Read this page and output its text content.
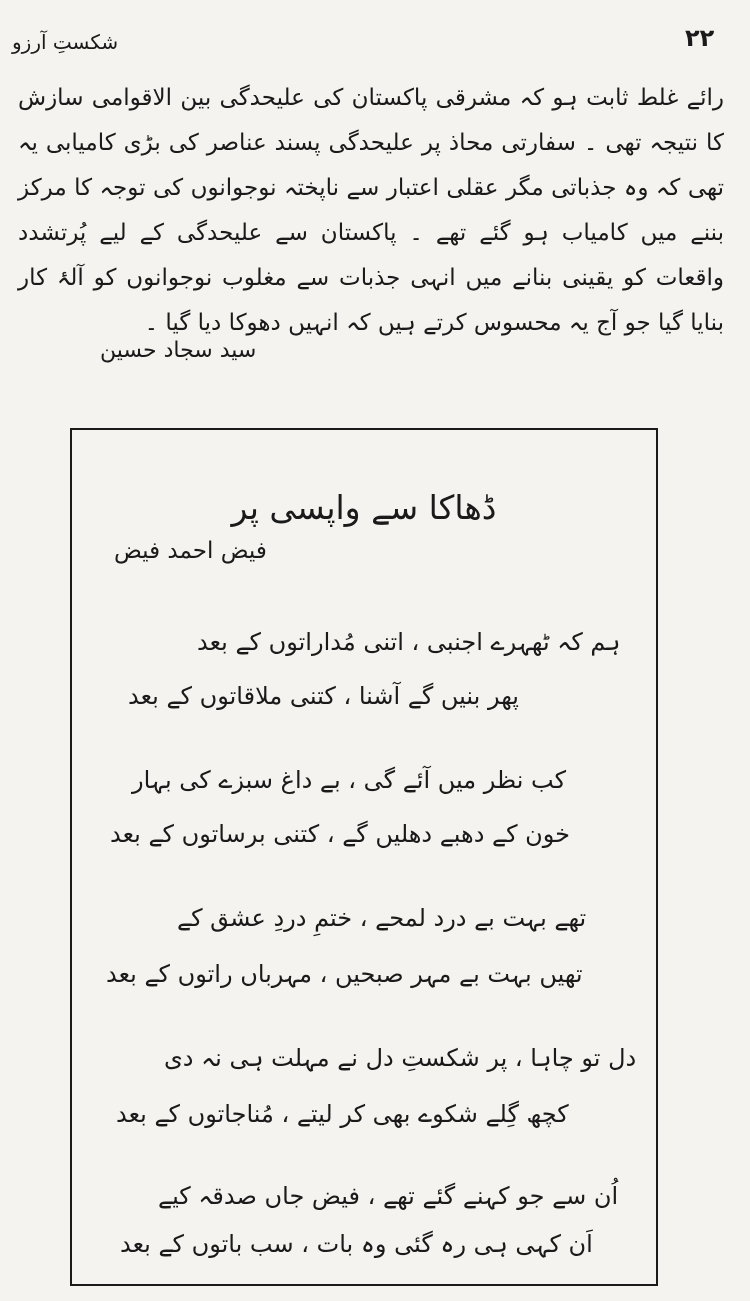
۲۲
شکستِ آرزو

رائے غلط ثابت ہو کہ مشرقی پاکستان کی علیحدگی بین الاقوامی سازش کا نتیجہ تھی ۔ سفارتی محاذ پر علیحدگی پسند عناصر کی بڑی کامیابی یہ تھی کہ وہ جذباتی مگر عقلی اعتبار سے ناپختہ نوجوانوں کی توجہ کا مرکز بننے میں کامیاب ہو گئے تھے ۔ پاکستان سے علیحدگی کے لیے پُرتشدد واقعات کو یقینی بنانے میں انہی جذبات سے مغلوب نوجوانوں کو آلۂ کار بنایا گیا جو آج یہ محسوس کرتے ہیں کہ انہیں دھوکا دیا گیا ۔

سید سجاد حسین
ڈھاکا سے واپسی پر
فیض احمد فیض
ہم کہ ٹھہرے اجنبی ، اتنی مُداراتوں کے بعد
پھر بنیں گے آشنا ، کتنی ملاقاتوں کے بعد
کب نظر میں آئے گی ، بے داغ سبزے کی بہار
خون کے دھبے دھلیں گے ، کتنی برساتوں کے بعد
تھے بہت بے درد لمحے ، ختمِ دردِ عشق کے
تھیں بہت بے مہر صبحیں ، مہرباں راتوں کے بعد
دل تو چاہا ، پر شکستِ دل نے مہلت ہی نہ دی
کچھ گِلے شکوے بھی کر لیتے ، مُناجاتوں کے بعد
اُن سے جو کہنے گئے تھے ، فیض جاں صدقہ کیے
اَن کہی ہی رہ گئی وہ بات ، سب باتوں کے بعد
